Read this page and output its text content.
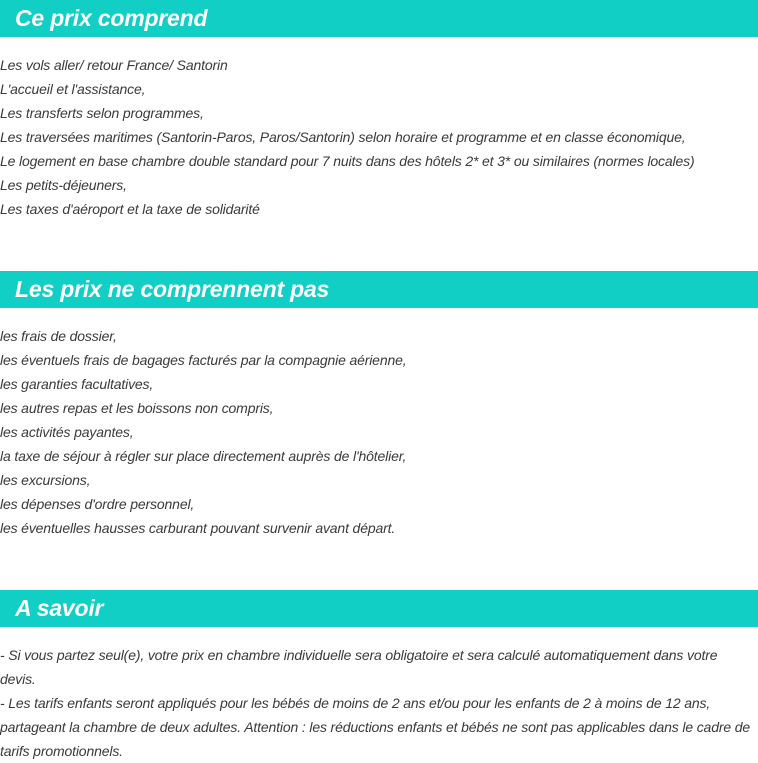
Ce prix comprend
Les vols aller/ retour France/ Santorin
L'accueil et l'assistance,
Les transferts selon programmes,
Les traversées maritimes (Santorin-Paros, Paros/Santorin) selon horaire et programme et en classe économique,
Le logement en base chambre double standard pour 7 nuits dans des hôtels 2* et 3* ou similaires (normes locales)
Les petits-déjeuners,
Les taxes d'aéroport et la taxe de solidarité
Les prix ne comprennent pas
les frais de dossier,
les éventuels frais de bagages facturés par la compagnie aérienne,
les garanties facultatives,
les autres repas et les boissons non compris,
les activités payantes,
la taxe de séjour à régler sur place directement auprès de l'hôtelier,
les excursions,
les dépenses d'ordre personnel,
les éventuelles hausses carburant pouvant survenir avant départ.
A savoir

- Si vous partez seul(e), votre prix en chambre individuelle sera obligatoire et sera calculé automatiquement dans votre devis.

- Les tarifs enfants seront appliqués pour les bébés de moins de 2 ans et/ou pour les enfants de 2 à moins de 12 ans, partageant la chambre de deux adultes. Attention : les réductions enfants et bébés ne sont pas applicables dans le cadre de tarifs promotionnels.
